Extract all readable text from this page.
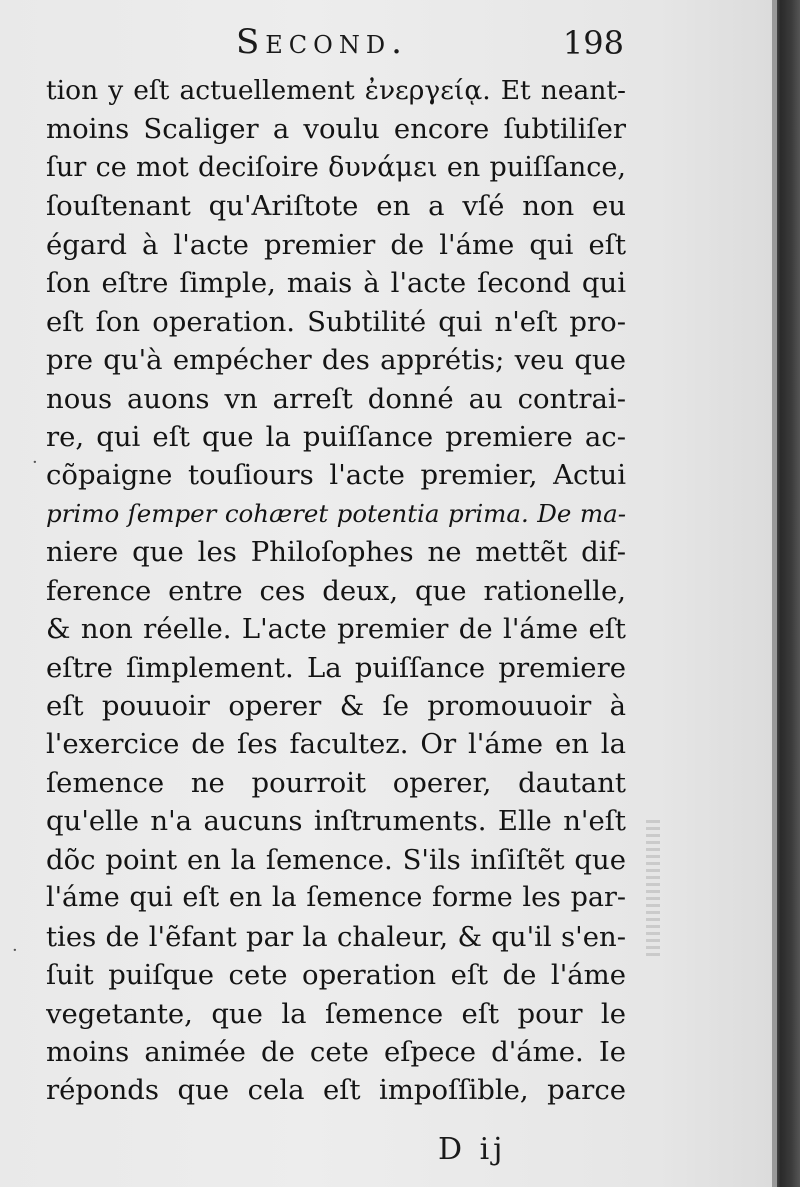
Second.	198
tion y eſt actuellement ἐνεργείᾳ. Et neant-
moins Scaliger a voulu encore ſubtiliſer
ſur ce mot deciſoire δυνάμει en puiſſance,
ſouſtenant qu'Ariſtote en a vſé non eu
égard à l'acte premier de l'áme qui eſt
ſon eſtre ſimple, mais à l'acte ſecond qui
eſt ſon operation. Subtilité qui n'eſt pro-
pre qu'à empécher des apprétis; veu que
nous auons vn arreſt donné au contrai-
re, qui eſt que la puiſſance premiere ac-
cõpaigne touſiours l'acte premier, Actui
primo ſemper cohæret potentia prima. De ma-
niere que les Philoſophes ne mettẽt dif-
ference entre ces deux, que rationelle,
& non réelle. L'acte premier de l'áme eſt
eſtre ſimplement. La puiſſance premiere
eſt pouuoir operer & ſe promouuoir à
l'exercice de ſes facultez. Or l'áme en la
ſemence ne pourroit operer, dautant
qu'elle n'a aucuns inſtruments. Elle n'eſt
dõc point en la ſemence. S'ils inſiſtẽt que
l'áme qui eſt en la ſemence forme les par-
ties de l'ẽfant par la chaleur, & qu'il s'en-
ſuit puiſque cete operation eſt de l'áme
vegetante, que la ſemence eſt pour le
moins animée de cete eſpece d'áme. Ie
réponds que cela eſt impoſſible, parce
D ij
·
·
